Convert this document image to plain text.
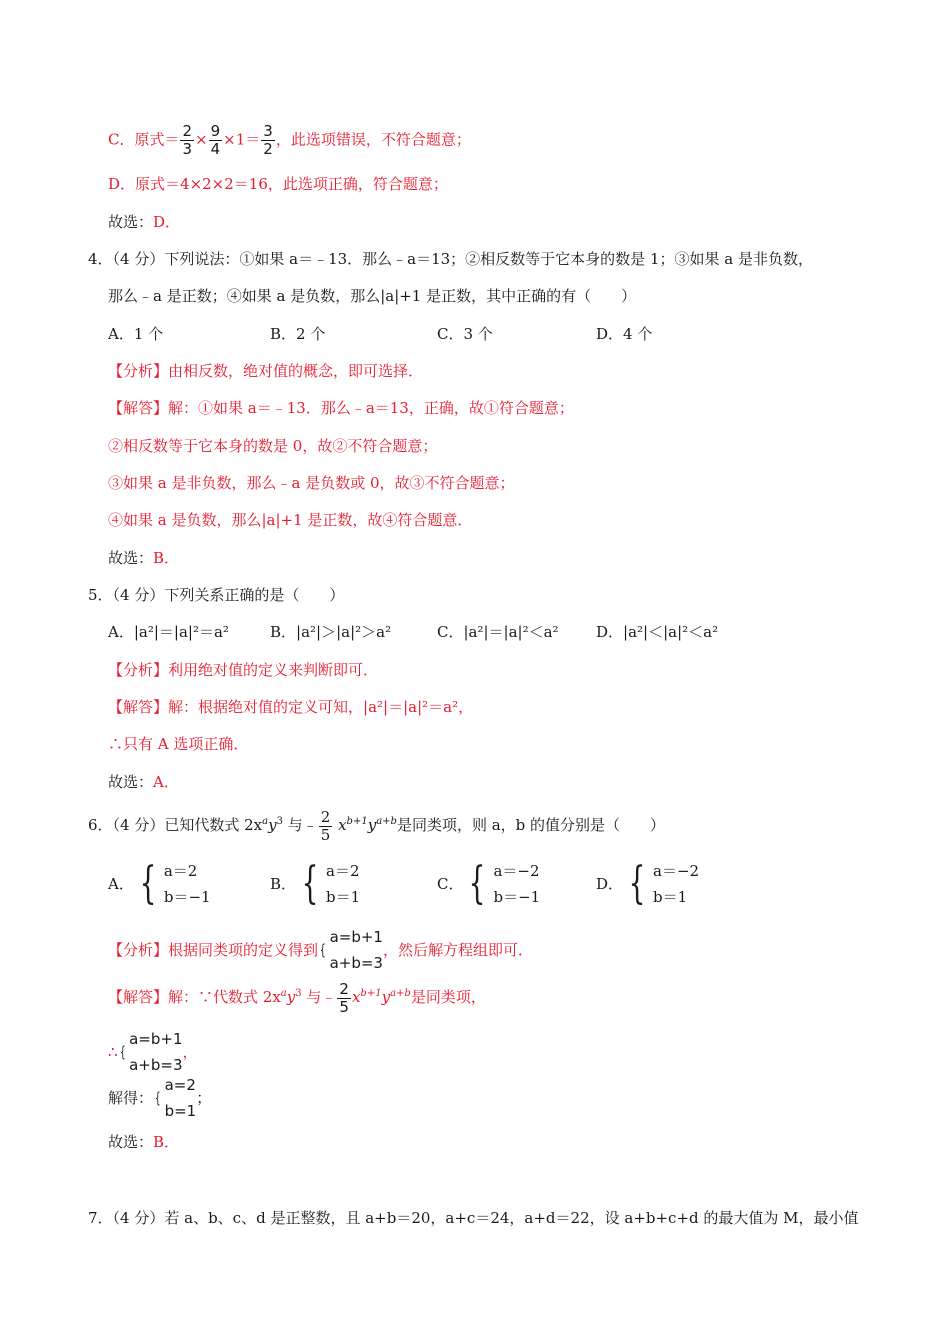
C．原式＝ $\frac{2}{3} \times \frac{9}{4} \times 1= \frac{3}{2}$ ，此选项错误，不符合题意；
D．原式＝4×2×2＝16，此选项正确，符合题意；
故选：D．
4．（4 分）下列说法：①如果 a＝﹣13．那么﹣a＝13；②相反数等于它本身的数是 1；③如果 a 是非负数，
那么﹣a 是正数；④如果 a 是负数，那么|a|+1 是正数，其中正确的有（　　）
A．1 个	B．2 个	C．3 个	D．4 个
【分析】由相反数，绝对值的概念，即可选择．
【解答】解：①如果 a＝﹣13．那么﹣a＝13，正确，故①符合题意；
②相反数等于它本身的数是 0，故②不符合题意；
③如果 a 是非负数，那么﹣a 是负数或 0，故③不符合题意；
④如果 a 是负数，那么|a|+1 是正数，故④符合题意．
故选：B．
5．（4 分）下列关系正确的是（　　）
A．|a²|＝|a|²＝a²	B．|a²|＞|a|²＞a²	C．|a²|＝|a|²＜a² D．|a²|＜|a|²＜a²
【分析】利用绝对值的定义来判断即可．
【解答】解：根据绝对值的定义可知，|a²|＝|a|²＝a²，
∴只有 A 选项正确．
故选：A．
6．（4 分）已知代数式 $2x^ay^3$ 与﹣ $\frac{2}{5} x^{b+1}y^{a+b}$是同类项，则 a，b 的值分别是（　　）
A． { a＝2
b＝−1
B． { a＝2
b＝1
C． { a＝−2
b＝−1
D． { a＝−2
b＝1
【分析】 根据同类项的定义得到 {
a=b+1
a+b=3
，然后解方程组即可．
【解答】解：∵代数式 $2x^ay^3$ 与﹣ $\frac{2}{5} x^{b+1}y^{a+b}$是同类项，
∴ {
a=b+1
a+b=3
，
解得： {
a=2
b=1
；
故选：B．
7．（4 分）若 a、b、c、d 是正整数，且 a+b＝20，a+c＝24，a+d＝22，设 a+b+c+d 的最大值为 M，最小值
